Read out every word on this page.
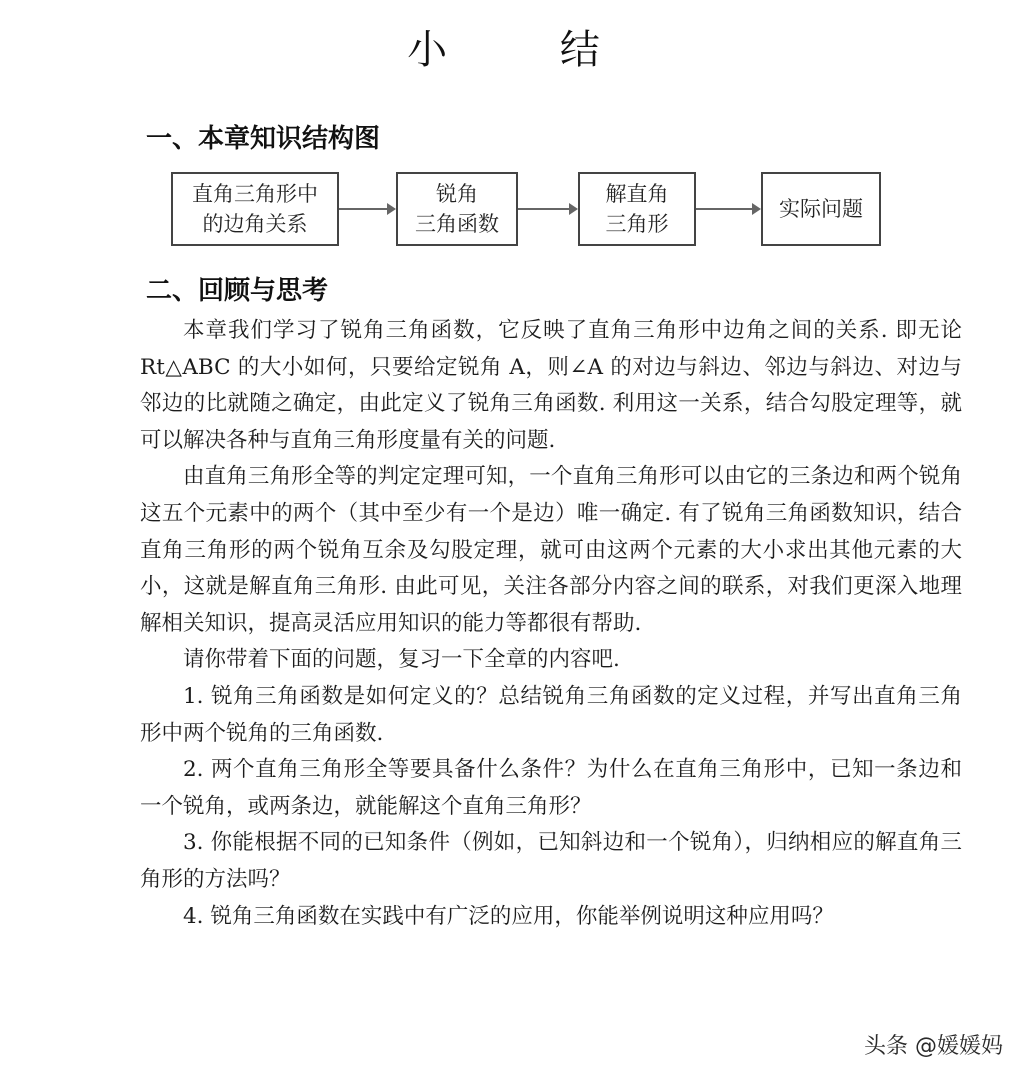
小 结
一、本章知识结构图
直角三角形中
的边角关系
锐角
三角函数
解直角
三角形
实际问题
二、回顾与思考

本章我们学习了锐角三角函数，它反映了直角三角形中边角之间的关系. 即无论 Rt△ABC 的大小如何，只要给定锐角 A，则∠A 的对边与斜边、邻边与斜边、对边与邻边的比就随之确定，由此定义了锐角三角函数. 利用这一关系，结合勾股定理等，就可以解决各种与直角三角形度量有关的问题.

由直角三角形全等的判定定理可知，一个直角三角形可以由它的三条边和两个锐角这五个元素中的两个（其中至少有一个是边）唯一确定. 有了锐角三角函数知识，结合直角三角形的两个锐角互余及勾股定理，就可由这两个元素的大小求出其他元素的大小，这就是解直角三角形. 由此可见，关注各部分内容之间的联系，对我们更深入地理解相关知识，提高灵活应用知识的能力等都很有帮助.

请你带着下面的问题，复习一下全章的内容吧.

1. 锐角三角函数是如何定义的？总结锐角三角函数的定义过程，并写出直角三角形中两个锐角的三角函数.

2. 两个直角三角形全等要具备什么条件？为什么在直角三角形中，已知一条边和一个锐角，或两条边，就能解这个直角三角形？

3. 你能根据不同的已知条件（例如，已知斜边和一个锐角），归纳相应的解直角三角形的方法吗？

4. 锐角三角函数在实践中有广泛的应用，你能举例说明这种应用吗？

头条 @媛媛妈
